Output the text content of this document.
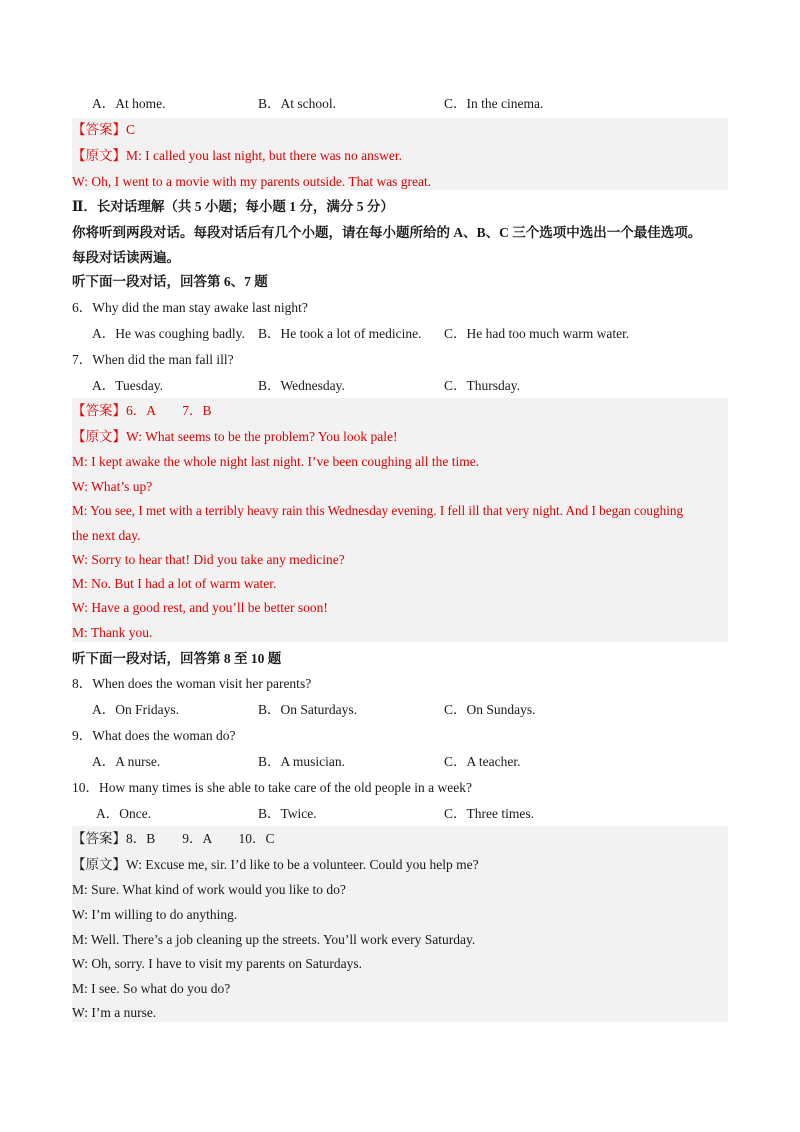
A．At home.	B．At school.	C．In the cinema.
【答案】C
【原文】M: I called you last night, but there was no answer.
W: Oh, I went to a movie with my parents outside. That was great.
Ⅱ．长对话理解（共 5 小题；每小题 1 分，满分 5 分）
你将听到两段对话。每段对话后有几个小题，请在每小题所给的 A、B、C 三个选项中选出一个最佳选项。
每段对话读两遍。
听下面一段对话，回答第 6、7 题
6．Why did the man stay awake last night?
A．He was coughing badly. B．He took a lot of medicine. C．He had too much warm water.
7．When did the man fall ill?
A．Tuesday.	B．Wednesday.	C．Thursday.
【答案】6．A　　7．B
【原文】W: What seems to be the problem? You look pale!
M: I kept awake the whole night last night. I’ve been coughing all the time.
W: What’s up?
M: You see, I met with a terribly heavy rain this Wednesday evening. I fell ill that very night. And I began coughing
the next day.
W: Sorry to hear that! Did you take any medicine?
M: No. But I had a lot of warm water.
W: Have a good rest, and you’ll be better soon!
M: Thank you.
听下面一段对话，回答第 8 至 10 题
8．When does the woman visit her parents?
A．On Fridays.	B．On Saturdays.	C．On Sundays.
9．What does the woman do?
A．A nurse.	B．A musician.	C．A teacher.
10．How many times is she able to take care of the old people in a week?
A．Once.	B．Twice.	C．Three times.
【答案】8．B　　9．A　　10．C
【原文】W: Excuse me, sir. I’d like to be a volunteer. Could you help me?
M: Sure. What kind of work would you like to do?
W: I’m willing to do anything.
M: Well. There’s a job cleaning up the streets. You’ll work every Saturday.
W: Oh, sorry. I have to visit my parents on Saturdays.
M: I see. So what do you do?
W: I’m a nurse.
